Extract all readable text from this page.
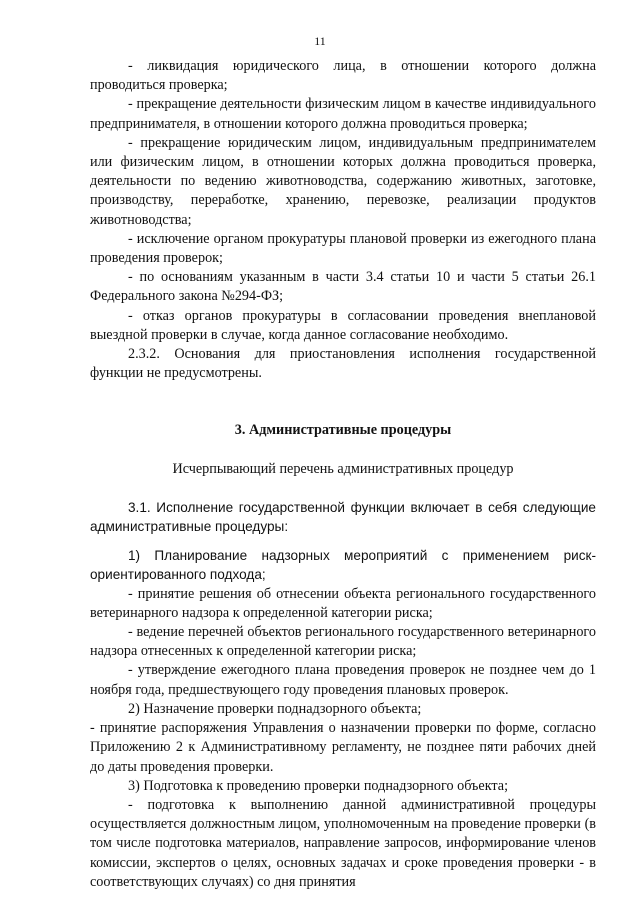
11

- ликвидация юридического лица, в отношении которого должна проводиться проверка;

- прекращение деятельности физическим лицом в качестве индивидуального предпринимателя, в отношении которого должна проводиться проверка;

- прекращение юридическим лицом, индивидуальным предпринимателем или физическим лицом, в отношении которых должна проводиться проверка, деятельности по ведению животноводства, содержанию животных, заготовке, производству, переработке, хранению, перевозке, реализации продуктов животноводства;

- исключение органом прокуратуры плановой проверки из ежегодного плана проведения проверок;

- по основаниям указанным в части 3.4 статьи 10 и части 5 статьи 26.1 Федерального закона №294-ФЗ;

- отказ органов прокуратуры в согласовании проведения внеплановой выездной проверки в случае, когда данное согласование необходимо.

2.3.2. Основания для приостановления исполнения государственной функции не предусмотрены.

3. Административные процедуры

Исчерпывающий перечень административных процедур

3.1. Исполнение государственной функции включает в себя следующие административные процедуры:

1) Планирование надзорных мероприятий с применением риск-ориентированного подхода;

- принятие решения об отнесении объекта регионального государственного ветеринарного надзора к определенной категории риска;

- ведение перечней объектов регионального государственного ветеринарного надзора отнесенных к определенной категории риска;

- утверждение ежегодного плана проведения проверок не позднее чем до 1 ноября года, предшествующего году проведения плановых проверок.

2) Назначение проверки поднадзорного объекта;

- принятие распоряжения Управления о назначении проверки по форме, согласно Приложению 2 к Административному регламенту, не позднее пяти рабочих дней до даты проведения проверки.

3) Подготовка к проведению проверки поднадзорного объекта;

- подготовка к выполнению данной административной процедуры осуществляется должностным лицом, уполномоченным на проведение проверки (в том числе подготовка материалов, направление запросов, информирование членов комиссии, экспертов о целях, основных задачах и сроке проведения проверки - в соответствующих случаях) со дня принятия
